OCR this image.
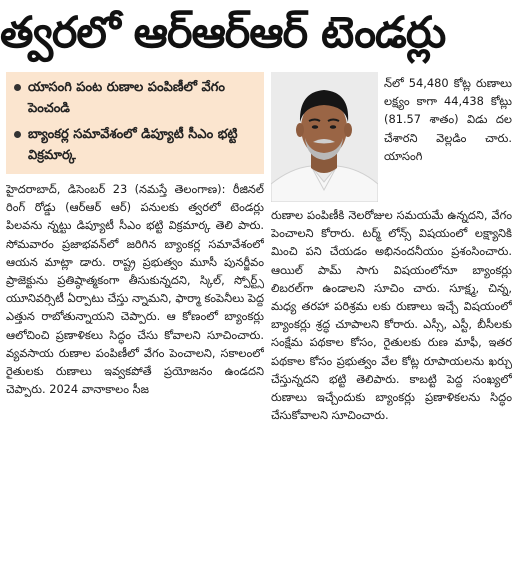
త్వరలో ఆర్‌ఆర్‌ఆర్ టెండర్లు
యాసంగి పంట రుణాల పంపిణీలో వేగం పెంచండి
బ్యాంకర్ల సమావేశంలో డిప్యూటీ సీఎం భట్టి విక్రమార్క
న్‌లో 54,480 కోట్ల రుణాలు లక్ష్యం కాగా 44,438 కోట్లు (81.57 శాతం) విడు దల చేశారని వెల్లడిం చారు. యాసంగి
హైదరాబాద్‌, డిసెంబర్‌ 23 (నమస్తే తెలంగాణ): రీజినల్‌ రింగ్‌ రోడ్డు (ఆర్‌ఆర్‌ ఆర్‌) పనులకు త్వరలో టెండర్లు పిలవను న్నట్టు డిప్యూటీ సీఎం భట్టి విక్రమార్క తెలి పారు. సోమవారం ప్రజాభవన్‌లో జరిగిన బ్యాంకర్ల సమావేశంలో ఆయన మాట్లా డారు. రాష్ట్ర ప్రభుత్వం మూసీ పునర్జీవం ప్రాజెక్టును ప్రతిష్ఠాత్మకంగా తీసుకున్నదని, స్కిల్‌, స్పోర్ట్స్‌ యూనివర్సిటీ ఏర్పాటు చేస్తు న్నామని, ఫార్మా కంపెనీలు పెద్ద ఎత్తున రాబోతున్నాయని చెప్పారు. ఆ కోణంలో బ్యాంకర్లు ఆలోచించి ప్రణాళికలు సిద్ధం చేసు కోవాలని సూచించారు. వ్యవసాయ రుణాల పంపిణీలో వేగం పెంచాలని, సకాలంలో రైతులకు రుణాలు ఇవ్వకపోతే ప్రయోజనం ఉండదని చెప్పారు. 2024 వానాకాలం సీజ
రుణాల పంపిణీకి నెలరోజుల సమయమే ఉన్నదని, వేగం పెంచాలని కోరారు. టర్మ్‌ లోన్స్‌ విషయంలో లక్ష్యానికి మించి పని చేయడం అభినందనీయం ప్రశంసించారు. ఆయిల్‌ పామ్‌ సాగు విషయంలోనూ బ్యాంకర్లు లిబరల్‌గా ఉండాలని సూచిం చారు. సూక్ష్మ, చిన్న, మధ్య తరహా పరిశ్రమ లకు రుణాలు ఇచ్చే విషయంలో బ్యాంకర్లు శ్రద్ధ చూపాలని కోరారు. ఎస్సీ, ఎస్టీ, బీసీలకు సంక్షేమ పథకాల కోసం, రైతులకు రుణ మాఫీ, ఇతర పథకాల కోసం ప్రభుత్వం వేల కోట్ల రూపాయలను ఖర్చు చేస్తున్నదని భట్టి తెలిపారు. కాబట్టి పెద్ద సంఖ్యలో రుణాలు ఇచ్చేందుకు బ్యాంకర్లు ప్రణాళికలను సిద్ధం చేసుకోవాలని సూచించారు.
